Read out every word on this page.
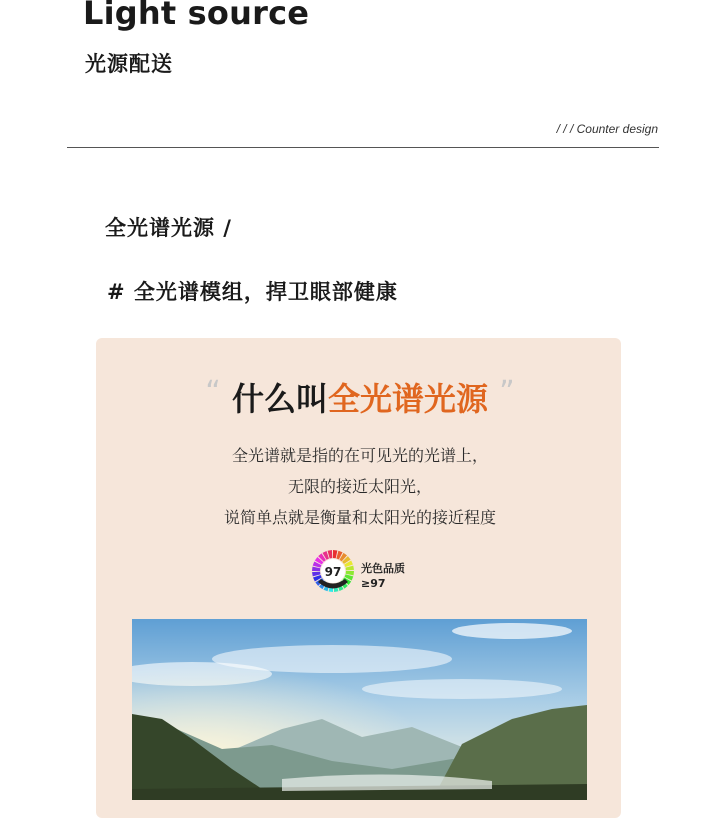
Light source
光源配送
/ / / Counter design
全光谱光源 /
# 全光谱模组，捍卫眼部健康
“ 什么叫全光谱光源 ”

全光谱就是指的在可见光的光谱上，

无限的接近太阳光，

说简单点就是衡量和太阳光的接近程度

97 光色品质
≥97
